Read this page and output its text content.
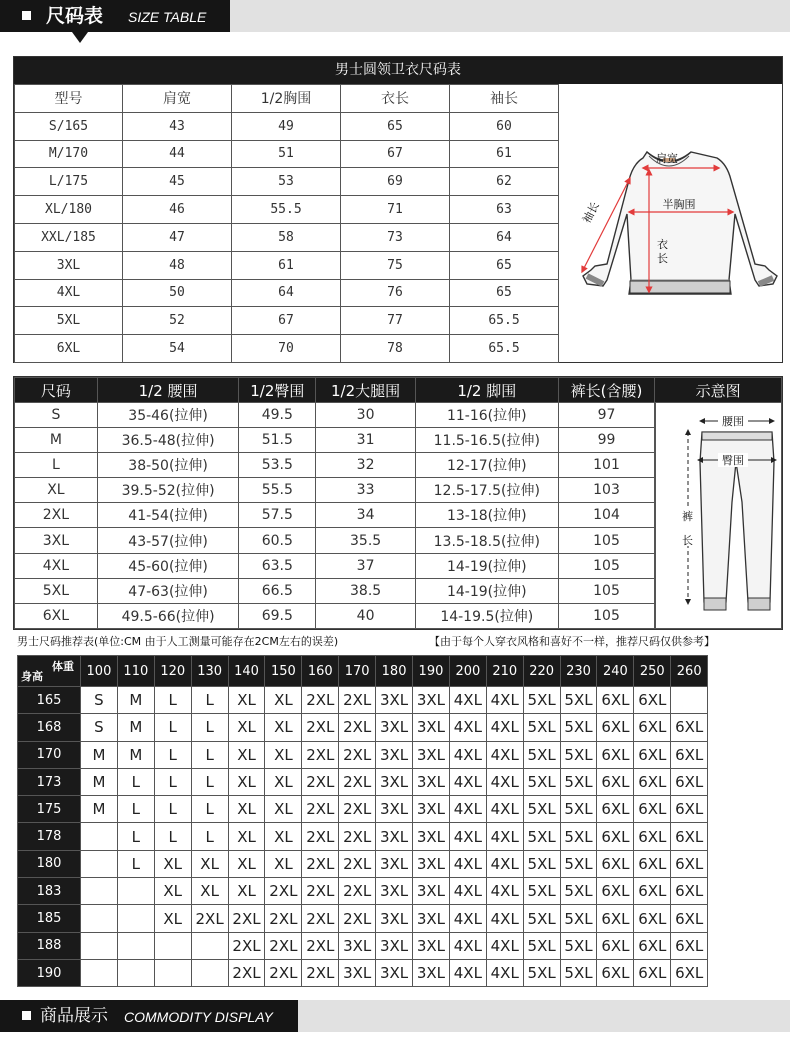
尺码表 SIZE TABLE
男士圆领卫衣尺码表
型号	肩宽	1/2胸围	衣长	袖长
S/165	43	49	65	60
M/170	44	51	67	61
L/175	45	53	69	62
XL/180	46	55.5	71	63
XXL/185	47	58	73	64
3XL	48	61	75	65
4XL	50	64	76	65
5XL	52	67	77	65.5
6XL	54	70	78	65.5
肩宽
半胸围
衣
长
袖长
尺码	1/2 腰围	1/2臀围	1/2大腿围	1/2 脚围	裤长(含腰)	示意图
S	35-46(拉伸)	49.5	30	11-16(拉伸)	97	
M	36.5-48(拉伸)	51.5	31	11.5-16.5(拉伸)	99	
L	38-50(拉伸)	53.5	32	12-17(拉伸)	101	
XL	39.5-52(拉伸)	55.5	33	12.5-17.5(拉伸)	103	
2XL	41-54(拉伸)	57.5	34	13-18(拉伸)	104	
3XL	43-57(拉伸)	60.5	35.5	13.5-18.5(拉伸)	105	
4XL	45-60(拉伸)	63.5	37	14-19(拉伸)	105	
5XL	47-63(拉伸)	66.5	38.5	14-19(拉伸)	105	
6XL	49.5-66(拉伸)	69.5	40	14-19.5(拉伸)	105	
腰围
臀围
裤
长
男士尺码推荐表(单位:CM 由于人工测量可能存在2CM左右的误差)	【由于每个人穿衣风格和喜好不一样，推荐尺码仅供参考】
体重
身高	100	110	120	130	140	150	160	170	180	190	200	210	220	230	240	250	260
165	S	M	L	L	XL	XL	2XL	2XL	3XL	3XL	4XL	4XL	5XL	5XL	6XL	6XL	
168	S	M	L	L	XL	XL	2XL	2XL	3XL	3XL	4XL	4XL	5XL	5XL	6XL	6XL	6XL
170	M	M	L	L	XL	XL	2XL	2XL	3XL	3XL	4XL	4XL	5XL	5XL	6XL	6XL	6XL
173	M	L	L	L	XL	XL	2XL	2XL	3XL	3XL	4XL	4XL	5XL	5XL	6XL	6XL	6XL
175	M	L	L	L	XL	XL	2XL	2XL	3XL	3XL	4XL	4XL	5XL	5XL	6XL	6XL	6XL
178		L	L	L	XL	XL	2XL	2XL	3XL	3XL	4XL	4XL	5XL	5XL	6XL	6XL	6XL
180		L	XL	XL	XL	XL	2XL	2XL	3XL	3XL	4XL	4XL	5XL	5XL	6XL	6XL	6XL
183			XL	XL	XL	2XL	2XL	2XL	3XL	3XL	4XL	4XL	5XL	5XL	6XL	6XL	6XL
185			XL	2XL	2XL	2XL	2XL	2XL	3XL	3XL	4XL	4XL	5XL	5XL	6XL	6XL	6XL
188					2XL	2XL	2XL	3XL	3XL	3XL	4XL	4XL	5XL	5XL	6XL	6XL	6XL
190					2XL	2XL	2XL	3XL	3XL	3XL	4XL	4XL	5XL	5XL	6XL	6XL	6XL
商品展示 COMMODITY DISPLAY
